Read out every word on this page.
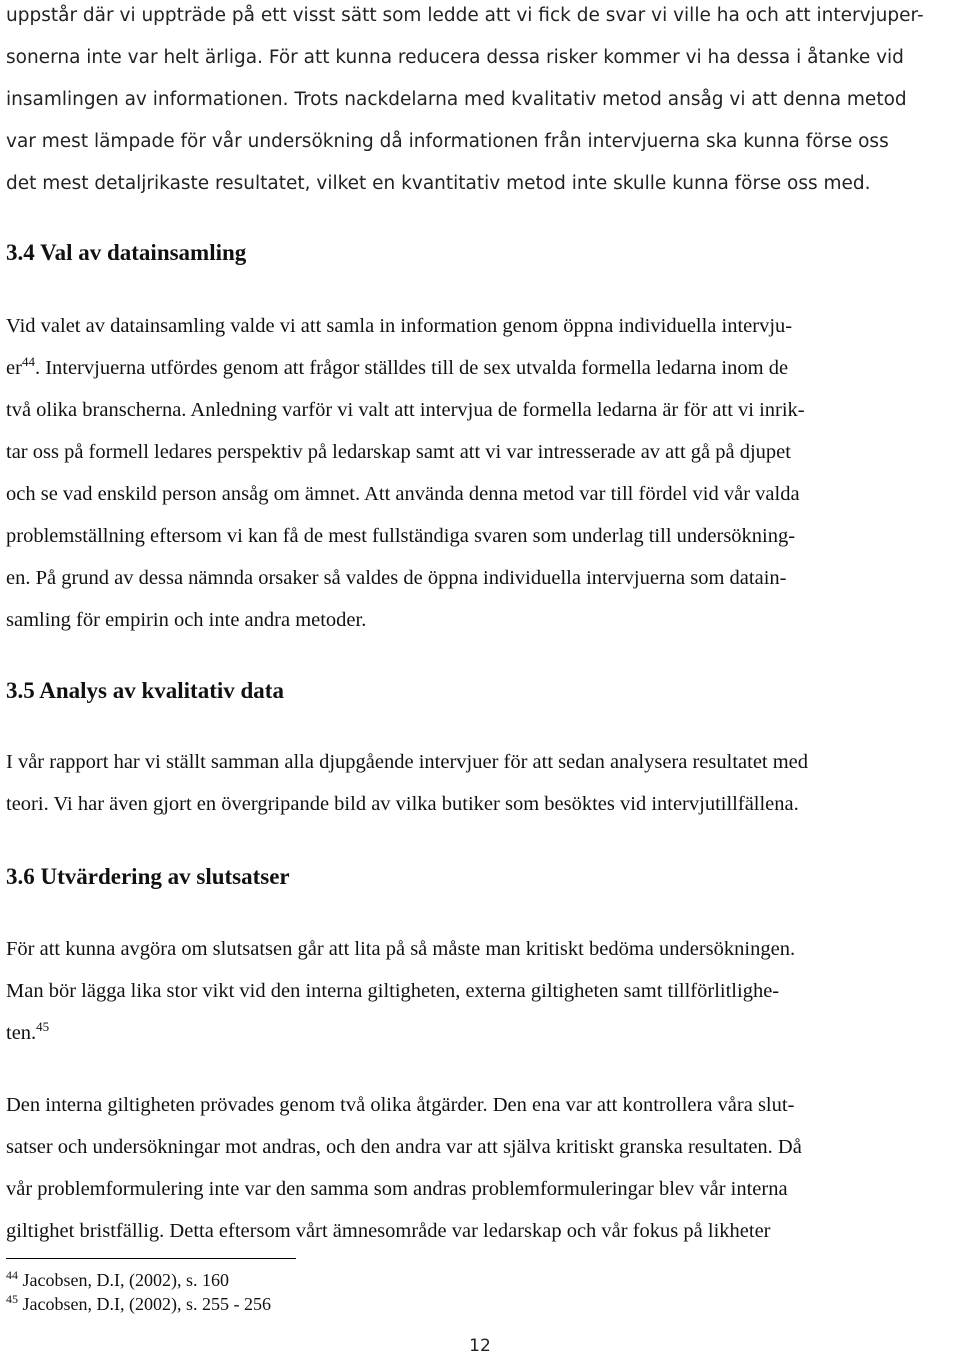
uppstår där vi uppträde på ett visst sätt som ledde att vi fick de svar vi ville ha och att intervjuper-
sonerna inte var helt ärliga. För att kunna reducera dessa risker kommer vi ha dessa i åtanke vid
insamlingen av informationen. Trots nackdelarna med kvalitativ metod ansåg vi att denna metod
var mest lämpade för vår undersökning då informationen från intervjuerna ska kunna förse oss
det mest detaljrikaste resultatet, vilket en kvantitativ metod inte skulle kunna förse oss med.
3.4 Val av datainsamling
Vid valet av datainsamling valde vi att samla in information genom öppna individuella intervju-
$er^{44}$. Intervjuerna utfördes genom att frågor ställdes till de sex utvalda formella ledarna inom de
två olika branscherna. Anledning varför vi valt att intervjua de formella ledarna är för att vi inrik-
tar oss på formell ledares perspektiv på ledarskap samt att vi var intresserade av att gå på djupet
och se vad enskild person ansåg om ämnet. Att använda denna metod var till fördel vid vår valda
problemställning eftersom vi kan få de mest fullständiga svaren som underlag till undersökning-
en. På grund av dessa nämnda orsaker så valdes de öppna individuella intervjuerna som datain-
samling för empirin och inte andra metoder.
3.5 Analys av kvalitativ data
I vår rapport har vi ställt samman alla djupgående intervjuer för att sedan analysera resultatet med
teori. Vi har även gjort en övergripande bild av vilka butiker som besöktes vid intervjutillfällena.
3.6 Utvärdering av slutsatser
För att kunna avgöra om slutsatsen går att lita på så måste man kritiskt bedöma undersökningen.
Man bör lägga lika stor vikt vid den interna giltigheten, externa giltigheten samt tillförlitlighe-
ten.$^{45}$
Den interna giltigheten prövades genom två olika åtgärder. Den ena var att kontrollera våra slut-
satser och undersökningar mot andras, och den andra var att själva kritiskt granska resultaten. Då
vår problemformulering inte var den samma som andras problemformuleringar blev vår interna
giltighet bristfällig. Detta eftersom vårt ämnesområde var ledarskap och vår fokus på likheter
$^{44}$ Jacobsen, D.I, (2002), s. 160
$^{45}$ Jacobsen, D.I, (2002), s. 255 - 256
12
